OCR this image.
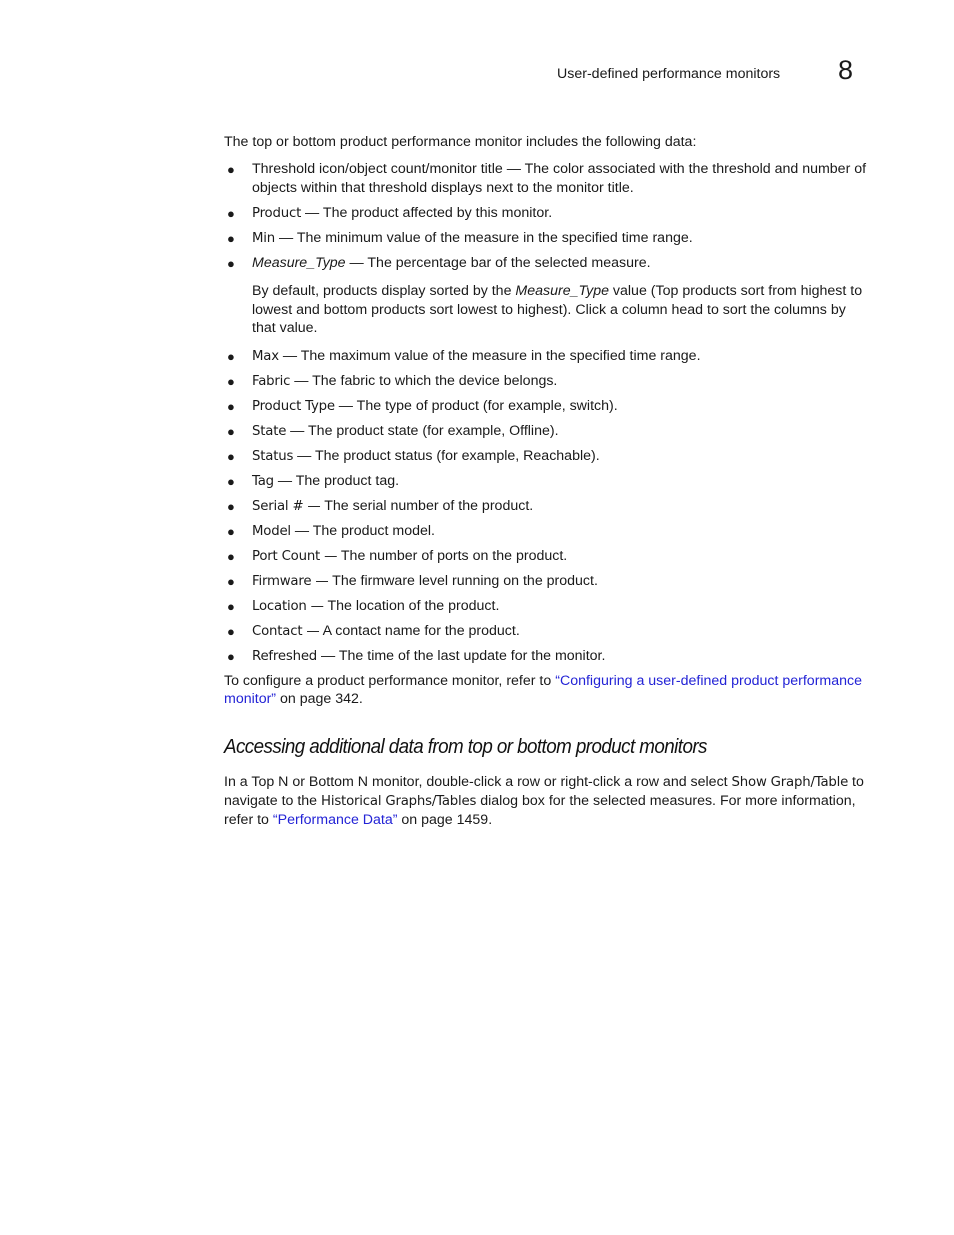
User-defined performance monitors 8

The top or bottom product performance monitor includes the following data:

● Threshold icon/object count/monitor title — The color associated with the threshold and number of objects within that threshold displays next to the monitor title.
● Product — The product affected by this monitor.
● Min — The minimum value of the measure in the specified time range.
● Measure_Type — The percentage bar of the selected measure.

By default, products display sorted by the Measure_Type value (Top products sort from highest to lowest and bottom products sort lowest to highest). Click a column head to sort the columns by that value.

● Max — The maximum value of the measure in the specified time range.
● Fabric — The fabric to which the device belongs.
● Product Type — The type of product (for example, switch).
● State — The product state (for example, Offline).
● Status — The product status (for example, Reachable).
● Tag — The product tag.
● Serial # — The serial number of the product.
● Model — The product model.
● Port Count — The number of ports on the product.
● Firmware — The firmware level running on the product.
● Location — The location of the product.
● Contact — A contact name for the product.
● Refreshed — The time of the last update for the monitor.

To configure a product performance monitor, refer to “Configuring a user-defined product performance monitor” on page 342.

Accessing additional data from top or bottom product monitors

In a Top N or Bottom N monitor, double-click a row or right-click a row and select Show Graph/Table to navigate to the Historical Graphs/Tables dialog box for the selected measures. For more information, refer to “Performance Data” on page 1459.
